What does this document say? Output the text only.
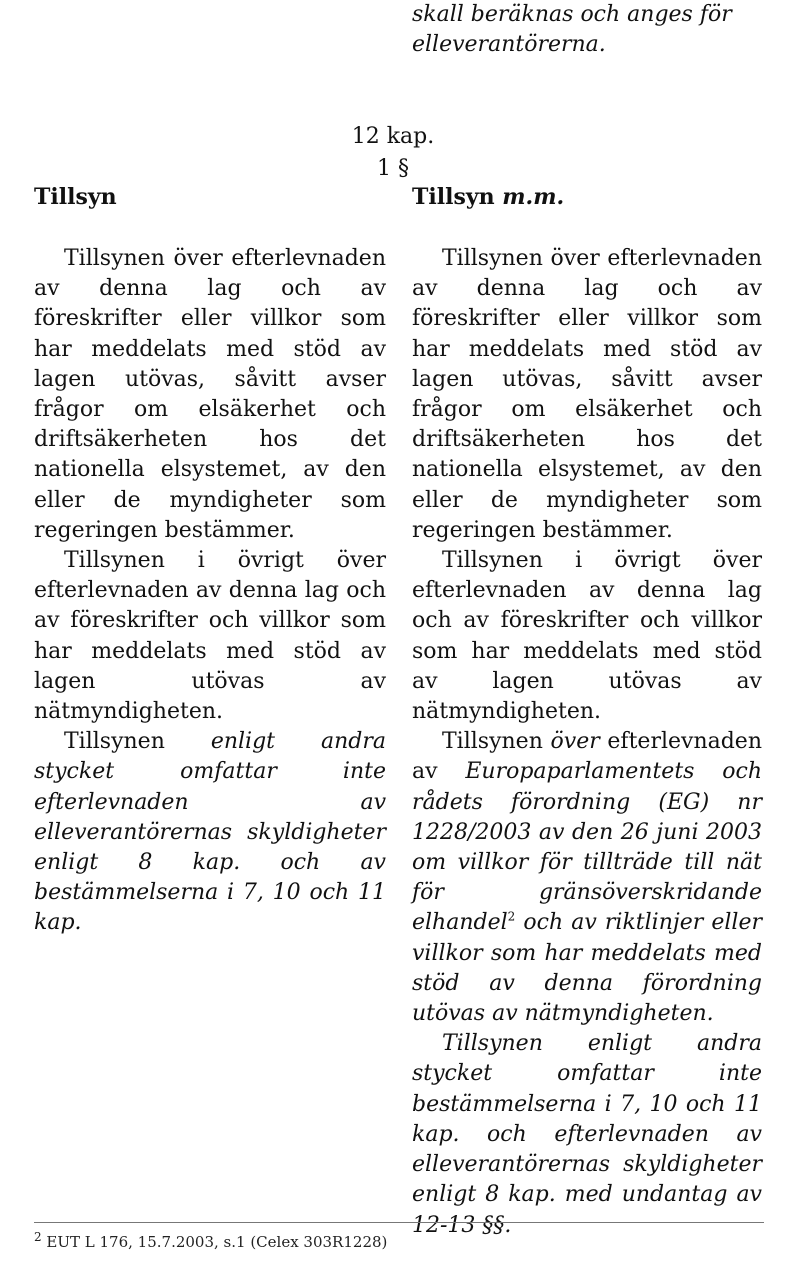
skall beräknas och anges för
elleverantörerna.
12 kap.
1 §
Tillsyn	Tillsyn m.m.

Tillsynen över efterlevnaden av denna lag och av föreskrifter eller villkor som har meddelats med stöd av lagen utövas, såvitt avser frågor om elsäkerhet och driftsäkerheten hos det nationella elsystemet, av den eller de myndigheter som regeringen bestämmer.

Tillsynen i övrigt över efterlevnaden av denna lag och av föreskrifter och villkor som har meddelats med stöd av lagen utövas av nätmyndigheten.

Tillsynen enligt andra stycket omfattar inte efterlevnaden av elleverantörernas skyldigheter enligt 8 kap. och av bestämmelserna i 7, 10 och 11 kap.

Tillsynen över efterlevnaden av denna lag och av föreskrifter eller villkor som har meddelats med stöd av lagen utövas, såvitt avser frågor om elsäkerhet och driftsäkerheten hos det nationella elsystemet, av den eller de myndigheter som regeringen bestämmer.

Tillsynen i övrigt över efterlevnaden av denna lag och av föreskrifter och villkor som har meddelats med stöd av lagen utövas av nätmyndigheten.

Tillsynen över efterlevnaden av Europaparlamentets och rådets förordning (EG) nr 1228/2003 av den 26 juni 2003 om villkor för tillträde till nät för gränsöverskridande elhandel$^2$ och av riktlinjer eller villkor som har meddelats med stöd av denna förordning utövas av nätmyndigheten.

Tillsynen enligt andra stycket omfattar inte bestämmelserna i 7, 10 och 11 kap. och efterlevnaden av elleverantörernas skyldigheter enligt 8 kap. med undantag av 12-13 §§.

$^2$ EUT L 176, 15.7.2003, s.1 (Celex 303R1228)
